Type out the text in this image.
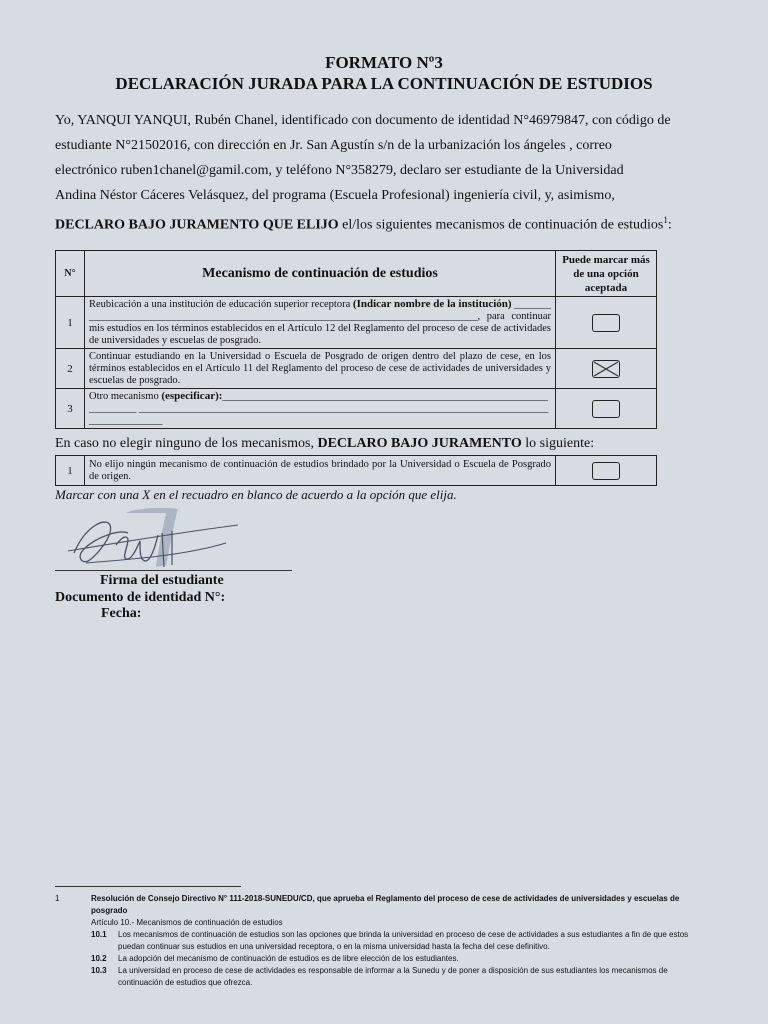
FORMATO Nº3
DECLARACIÓN JURADA PARA LA CONTINUACIÓN DE ESTUDIOS
Yo, YANQUI YANQUI, Rubén Chanel, identificado con documento de identidad N°46979847, con código de
estudiante N°21502016, con dirección en Jr. San Agustín s/n de la urbanización los ángeles , correo
electrónico ruben1chanel@gamil.com, y teléfono N°358279, declaro ser estudiante de la Universidad
Andina Néstor Cáceres Velásquez, del programa (Escuela Profesional) ingeniería civil, y, asimismo,
DECLARO BAJO JURAMENTO QUE ELIJO el/los siguientes mecanismos de continuación de estudios$^1$:
N°	Mecanismo de continuación de estudios	Puede marcar más de una opción aceptada
1	Reubicación a una institución de educación superior receptora (Indicar nombre de la institución) _________________________________________________________________________________, para continuar mis estudios en los términos establecidos en el Artículo 12 del Reglamento del proceso de cese de actividades de universidades y escuelas de posgrado.	
2	Continuar estudiando en la Universidad o Escuela de Posgrado de origen dentro del plazo de cese, en los términos establecidos en el Artículo 11 del Reglamento del proceso de cese de actividades de universidades y escuelas de posgrado.	

3	Otro mecanismo (especificar):_______________________________________________________________________ ____________________________________________________________________________________________	
En caso no elegir ninguno de los mecanismos, DECLARO BAJO JURAMENTO lo siguiente:
1	No elijo ningún mecanismo de continuación de estudios brindado por la Universidad o Escuela de Posgrado de origen.	
Marcar con una X en el recuadro en blanco de acuerdo a la opción que elija.
Firma del estudiante
Documento de identidad N°:
Fecha:
1	Resolución de Consejo Directivo N° 111-2018-SUNEDU/CD, que aprueba el Reglamento del proceso de cese de actividades de universidades y escuelas de posgrado
Artículo 10.- Mecanismos de continuación de estudios
10.1	Los mecanismos de continuación de estudios son las opciones que brinda la universidad en proceso de cese de actividades a sus estudiantes a fin de que estos puedan continuar sus estudios en una universidad receptora, o en la misma universidad hasta la fecha del cese definitivo.
10.2	La adopción del mecanismo de continuación de estudios es de libre elección de los estudiantes.
10.3	La universidad en proceso de cese de actividades es responsable de informar a la Sunedu y de poner a disposición de sus estudiantes los mecanismos de continuación de estudios que ofrezca.
